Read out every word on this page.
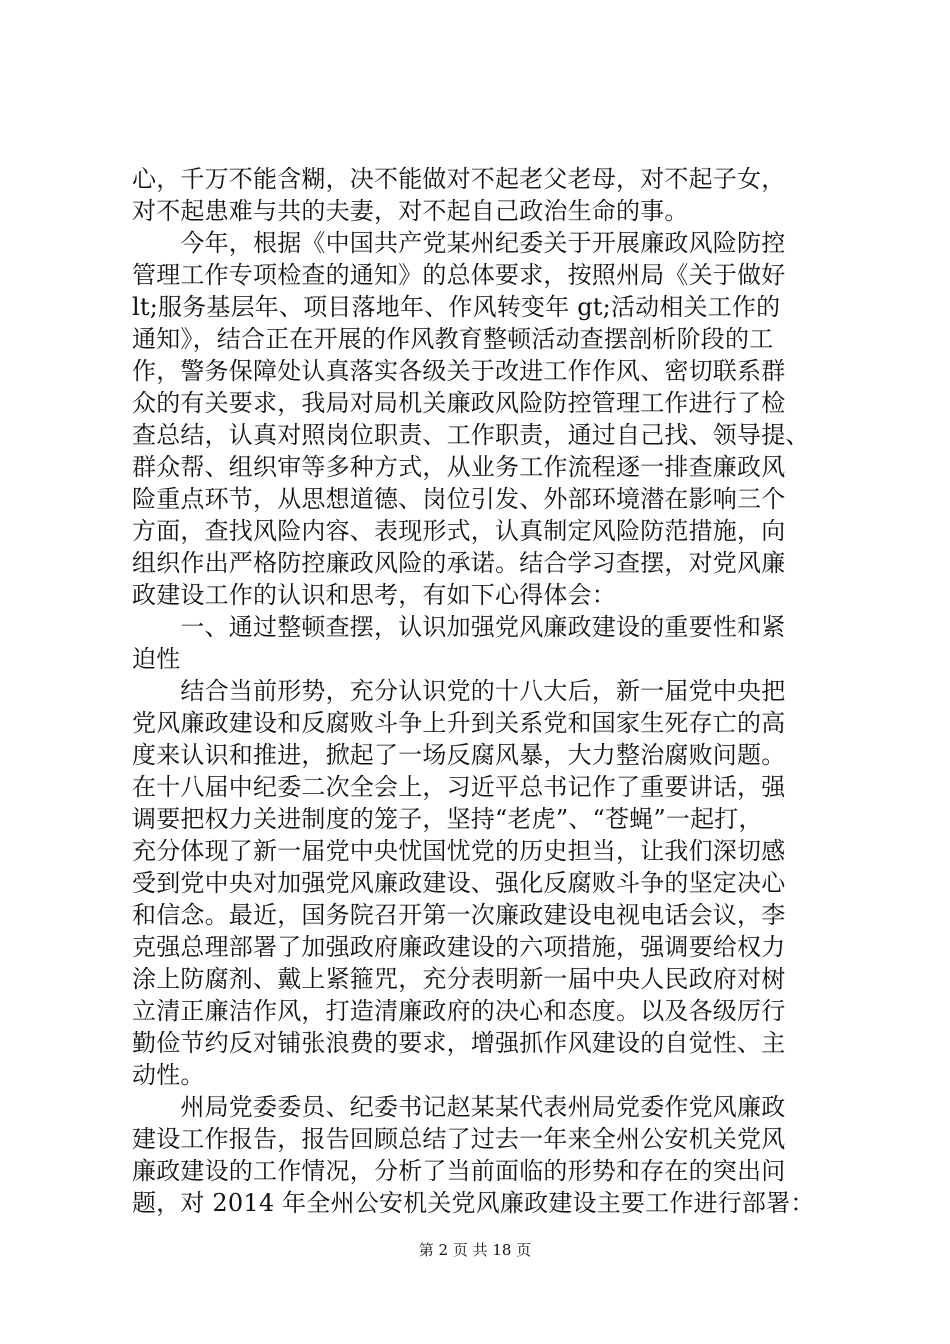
心，千万不能含糊，决不能做对不起老父老母，对不起子女，
对不起患难与共的夫妻，对不起自己政治生命的事。
　　今年，根据《中国共产党某州纪委关于开展廉政风险防控
管理工作专项检查的通知》的总体要求，按照州局《关于做好
lt;服务基层年、项目落地年、作风转变年 gt;活动相关工作的
通知》，结合正在开展的作风教育整顿活动查摆剖析阶段的工
作，警务保障处认真落实各级关于改进工作作风、密切联系群
众的有关要求，我局对局机关廉政风险防控管理工作进行了检
查总结，认真对照岗位职责、工作职责，通过自己找、领导提、
群众帮、组织审等多种方式，从业务工作流程逐一排查廉政风
险重点环节，从思想道德、岗位引发、外部环境潜在影响三个
方面，查找风险内容、表现形式，认真制定风险防范措施，向
组织作出严格防控廉政风险的承诺。结合学习查摆，对党风廉
政建设工作的认识和思考，有如下心得体会：
　　一、通过整顿查摆，认识加强党风廉政建设的重要性和紧
迫性
　　结合当前形势，充分认识党的十八大后，新一届党中央把
党风廉政建设和反腐败斗争上升到关系党和国家生死存亡的高
度来认识和推进，掀起了一场反腐风暴，大力整治腐败问题。
在十八届中纪委二次全会上，习近平总书记作了重要讲话，强
调要把权力关进制度的笼子，坚持“老虎”、“苍蝇”一起打，
充分体现了新一届党中央忧国忧党的历史担当，让我们深切感
受到党中央对加强党风廉政建设、强化反腐败斗争的坚定决心
和信念。最近，国务院召开第一次廉政建设电视电话会议，李
克强总理部署了加强政府廉政建设的六项措施，强调要给权力
涂上防腐剂、戴上紧箍咒，充分表明新一届中央人民政府对树
立清正廉洁作风，打造清廉政府的决心和态度。以及各级厉行
勤俭节约反对铺张浪费的要求，增强抓作风建设的自觉性、主
动性。
　　州局党委委员、纪委书记赵某某代表州局党委作党风廉政
建设工作报告，报告回顾总结了过去一年来全州公安机关党风
廉政建设的工作情况，分析了当前面临的形势和存在的突出问
题，对 2014 年全州公安机关党风廉政建设主要工作进行部署：
第 2 页 共 18 页
